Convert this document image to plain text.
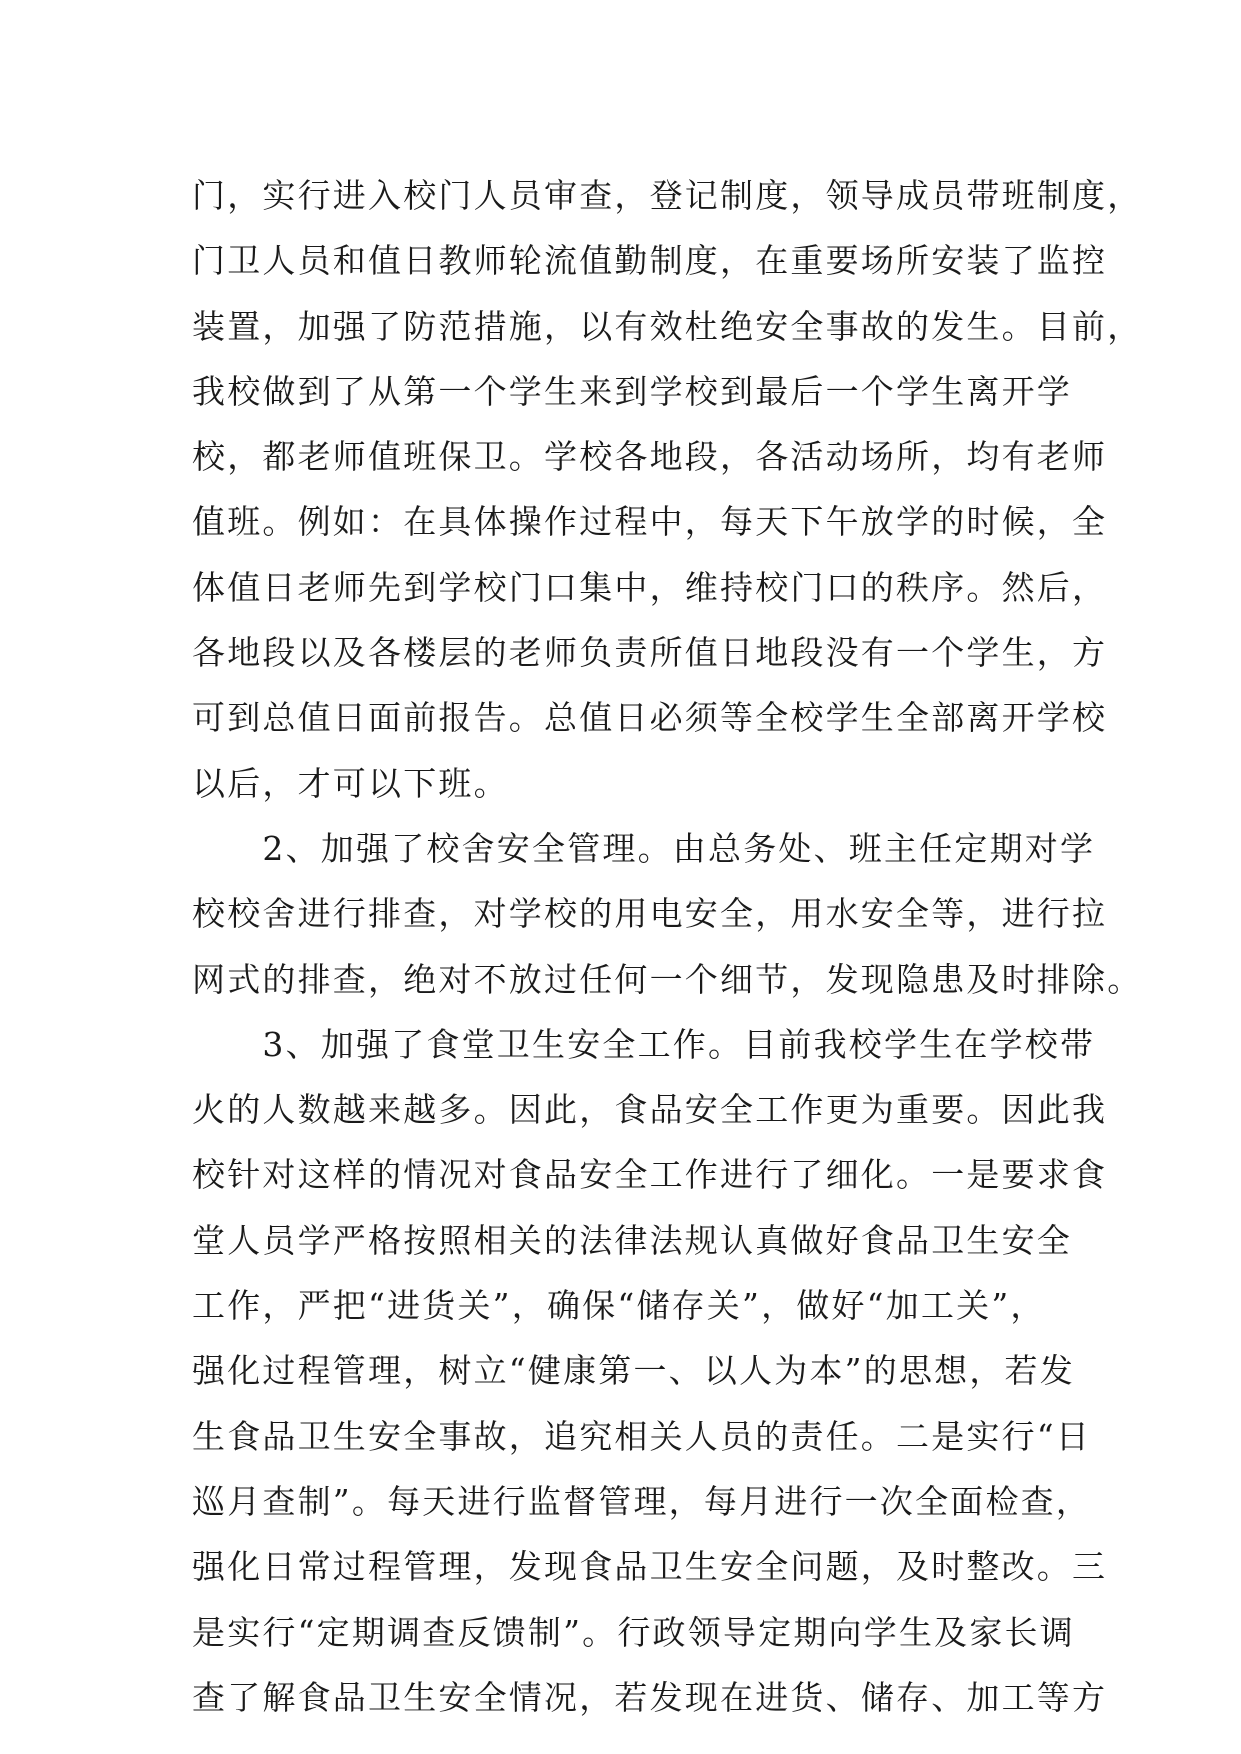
门，实行进入校门人员审查，登记制度，领导成员带班制度，
门卫人员和值日教师轮流值勤制度，在重要场所安装了监控
装置，加强了防范措施，以有效杜绝安全事故的发生。目前，
我校做到了从第一个学生来到学校到最后一个学生离开学
校，都老师值班保卫。学校各地段，各活动场所，均有老师
值班。例如：在具体操作过程中，每天下午放学的时候，全
体值日老师先到学校门口集中，维持校门口的秩序。然后，
各地段以及各楼层的老师负责所值日地段没有一个学生，方
可到总值日面前报告。总值日必须等全校学生全部离开学校
以后，才可以下班。
　　2、加强了校舍安全管理。由总务处、班主任定期对学
校校舍进行排查，对学校的用电安全，用水安全等，进行拉
网式的排查，绝对不放过任何一个细节，发现隐患及时排除。
　　3、加强了食堂卫生安全工作。目前我校学生在学校带
火的人数越来越多。因此，食品安全工作更为重要。因此我
校针对这样的情况对食品安全工作进行了细化。一是要求食
堂人员学严格按照相关的法律法规认真做好食品卫生安全
工作，严把“进货关”，确保“储存关”，做好“加工关”，
强化过程管理，树立“健康第一、以人为本”的思想，若发
生食品卫生安全事故，追究相关人员的责任。二是实行“日
巡月查制”。每天进行监督管理，每月进行一次全面检查，
强化日常过程管理，发现食品卫生安全问题，及时整改。三
是实行“定期调查反馈制”。行政领导定期向学生及家长调
查了解食品卫生安全情况，若发现在进货、储存、加工等方
